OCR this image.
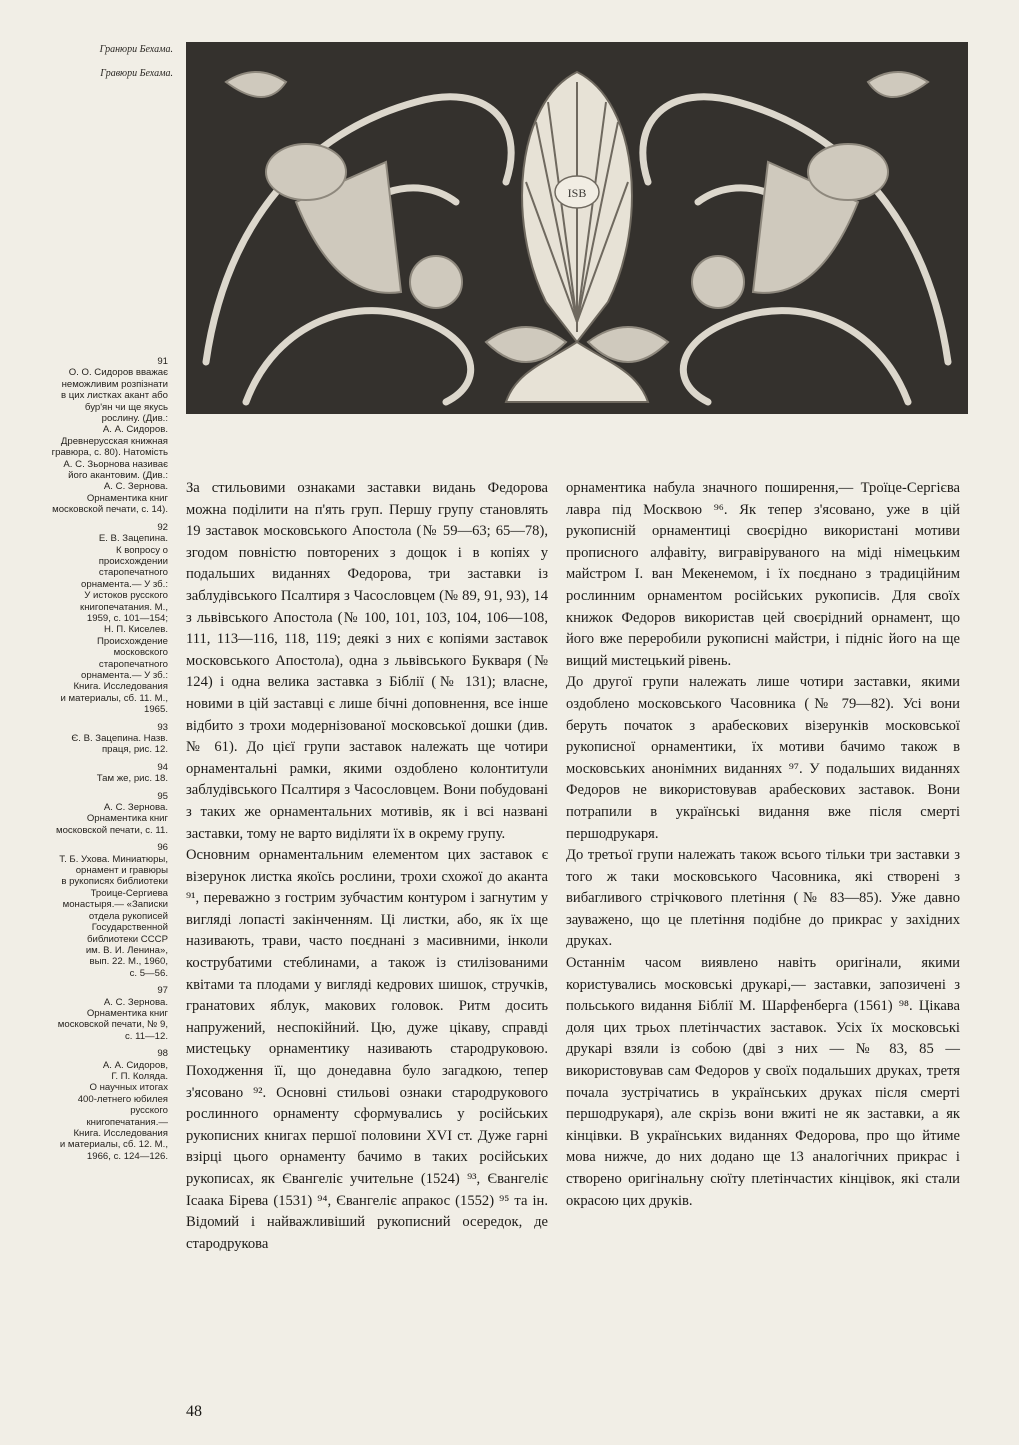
Гранюри Бехама.
Гравюри Бехама.
ISB
91
О. О. Сидоров вважає
неможливим розпізнати
в цих листках акант або
бур'ян чи ще якусь
рослину. (Див.:
А. А. Сидоров.
Древнерусская книжная
гравюра, с. 80). Натомість
А. С. Зьорнова називає
його акантовим. (Див.:
А. С. Зернова.
Орнаментика книг
московской печати, с. 14).
92
Е. В. Зацепина.
К вопросу о
происхождении
старопечатного
орнамента.— У зб.:
У истоков русского
книгопечатания. М.,
1959, с. 101—154;
Н. П. Киселев.
Происхождение
московского
старопечатного
орнамента.— У зб.:
Книга. Исследования
и материалы, сб. 11. М.,
1965.
93
Є. В. Зацепина. Назв.
праця, рис. 12.
94
Там же, рис. 18.
95
А. С. Зернова.
Орнаментика книг
московской печати, с. 11.
96
Т. Б. Ухова. Миниатюры,
орнамент и гравюры
в рукописях библиотеки
Троице-Сергиева
монастыря.— «Записки
отдела рукописей
Государственной
библиотеки СССР
им. В. И. Ленина»,
вып. 22. М., 1960,
с. 5—56.
97
А. С. Зернова.
Орнаментика книг
московской печати, № 9,
с. 11—12.
98
А. А. Сидоров,
Г. П. Коляда.
О научных итогах
400-летнего юбилея
русского
книгопечатания.—
Книга. Исследования
и материалы, сб. 12. М.,
1966, с. 124—126.

За стильовими ознаками заставки видань Федорова можна поділити на п'ять груп. Першу групу становлять 19 заставок московського Апостола (№ 59—63; 65—78), згодом повністю повторених з дощок і в копіях у подальших виданнях Федорова, три заставки із заблудівського Псалтиря з Часословцем (№ 89, 91, 93), 14 з львівського Апостола (№ 100, 101, 103, 104, 106—108, 111, 113—116, 118, 119; деякі з них є копіями заставок московського Апостола), одна з львівського Букваря (№ 124) і одна велика заставка з Біблії (№ 131); власне, новими в цій заставці є лише бічні доповнення, все інше відбито з трохи модернізованої московської дошки (див. № 61). До цієї групи заставок належать ще чотири орнаментальні рамки, якими оздоблено колонтитули заблудівського Псалтиря з Часословцем. Вони побудовані з таких же орнаментальних мотивів, як і всі названі заставки, тому не варто виділяти їх в окрему групу.

Основним орнаментальним елементом цих заставок є візерунок листка якоїсь рослини, трохи схожої до аканта ⁹¹, переважно з гострим зубчастим контуром і загнутим у вигляді лопасті закінченням. Ці листки, або, як їх ще називають, трави, часто поєднані з масивними, інколи кострубатими стеблинами, а також із стилізованими квітами та плодами у вигляді кедрових шишок, стручків, гранатових яблук, макових головок. Ритм досить напружений, неспокійний. Цю, дуже цікаву, справді мистецьку орнаментику називають стародруковою. Походження її, що донедавна було загадкою, тепер з'ясовано ⁹². Основні стильові ознаки стародрукового рослинного орнаменту сформувались у російських рукописних книгах першої половини XVI ст. Дуже гарні взірці цього орнаменту бачимо в таких російських рукописах, як Євангеліє учительне (1524) ⁹³, Євангеліє Ісаака Бірева (1531) ⁹⁴, Євангеліє апракос (1552) ⁹⁵ та ін. Відомий і найважливіший рукописний осередок, де стародрукова

орнаментика набула значного поширення,— Троїце-Сергієва лавра під Москвою ⁹⁶. Як тепер з'ясовано, уже в цій рукописній орнаментиці своєрідно використані мотиви прописного алфавіту, вигравіруваного на міді німецьким майстром І. ван Мекенемом, і їх поєднано з традиційним рослинним орнаментом російських рукописів. Для своїх книжок Федоров використав цей своєрідний орнамент, що його вже переробили рукописні майстри, і підніс його на ще вищий мистецький рівень.

До другої групи належать лише чотири заставки, якими оздоблено московського Часовника (№ 79—82). Усі вони беруть початок з арабескових візерунків московської рукописної орнаментики, їх мотиви бачимо також в московських анонімних виданнях ⁹⁷. У подальших виданнях Федоров не використовував арабескових заставок. Вони потрапили в українські видання вже після смерті першодрукаря.

До третьої групи належать також всього тільки три заставки з того ж таки московського Часовника, які створені з вибагливого стрічкового плетіння (№ 83—85). Уже давно зауважено, що це плетіння подібне до прикрас у західних друках.

Останнім часом виявлено навіть оригінали, якими користувались московські друкарі,— заставки, запозичені з польського видання Біблії М. Шарфенберга (1561) ⁹⁸. Цікава доля цих трьох плетінчастих заставок. Усіх їх московські друкарі взяли із собою (дві з них — № 83, 85 — використовував сам Федоров у своїх подальших друках, третя почала зустрічатись в українських друках після смерті першодрукаря), але скрізь вони вжиті не як заставки, а як кінцівки. В українських виданнях Федорова, про що йтиме мова нижче, до них додано ще 13 аналогічних прикрас і створено оригінальну сюїту плетінчастих кінцівок, які стали окрасою цих друків.

48
